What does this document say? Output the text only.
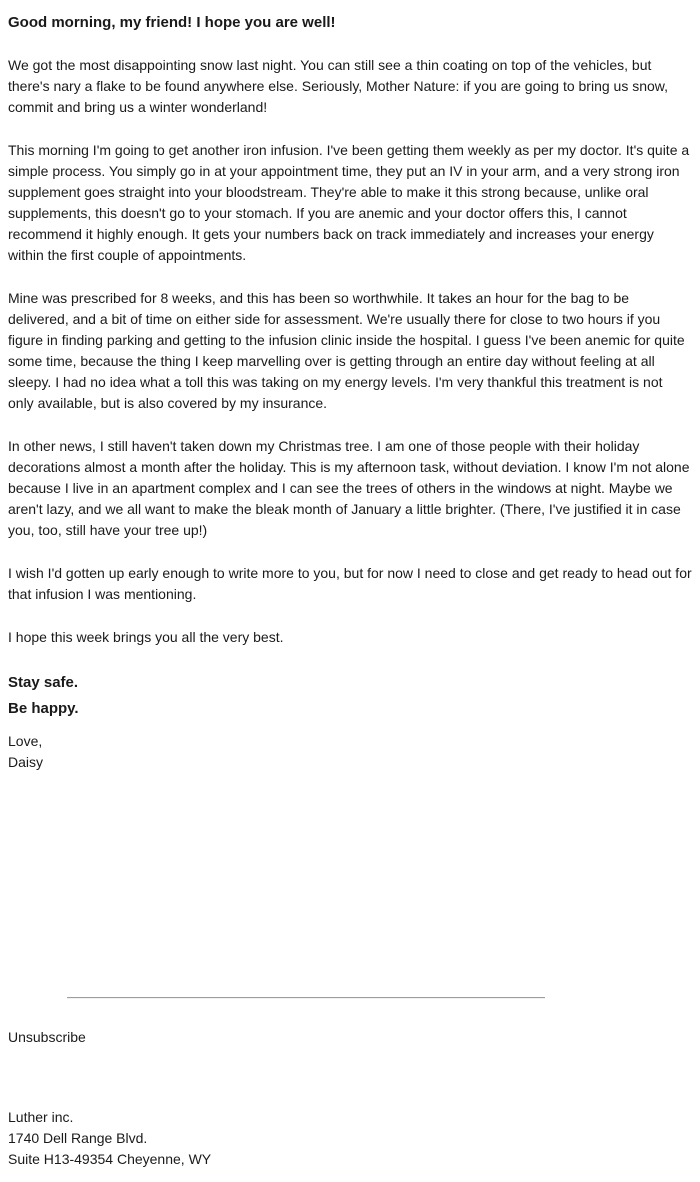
Good morning, my friend! I hope you are well!

We got the most disappointing snow last night. You can still see a thin coating on top of the vehicles, but there's nary a flake to be found anywhere else. Seriously, Mother Nature: if you are going to bring us snow, commit and bring us a winter wonderland!

This morning I'm going to get another iron infusion. I've been getting them weekly as per my doctor. It's quite a simple process. You simply go in at your appointment time, they put an IV in your arm, and a very strong iron supplement goes straight into your bloodstream. They're able to make it this strong because, unlike oral supplements, this doesn't go to your stomach. If you are anemic and your doctor offers this, I cannot recommend it highly enough. It gets your numbers back on track immediately and increases your energy within the first couple of appointments.

Mine was prescribed for 8 weeks, and this has been so worthwhile. It takes an hour for the bag to be delivered, and a bit of time on either side for assessment. We're usually there for close to two hours if you figure in finding parking and getting to the infusion clinic inside the hospital. I guess I've been anemic for quite some time, because the thing I keep marvelling over is getting through an entire day without feeling at all sleepy. I had no idea what a toll this was taking on my energy levels. I'm very thankful this treatment is not only available, but is also covered by my insurance.

In other news, I still haven't taken down my Christmas tree. I am one of those people with their holiday decorations almost a month after the holiday. This is my afternoon task, without deviation. I know I'm not alone because I live in an apartment complex and I can see the trees of others in the windows at night. Maybe we aren't lazy, and we all want to make the bleak month of January a little brighter. (There, I've justified it in case you, too, still have your tree up!)

I wish I'd gotten up early enough to write more to you, but for now I need to close and get ready to head out for that infusion I was mentioning.

I hope this week brings you all the very best.

Stay safe.
Be happy.
Love,
Daisy
Unsubscribe
Luther inc.
1740 Dell Range Blvd.
Suite H13-49354 Cheyenne, WY
